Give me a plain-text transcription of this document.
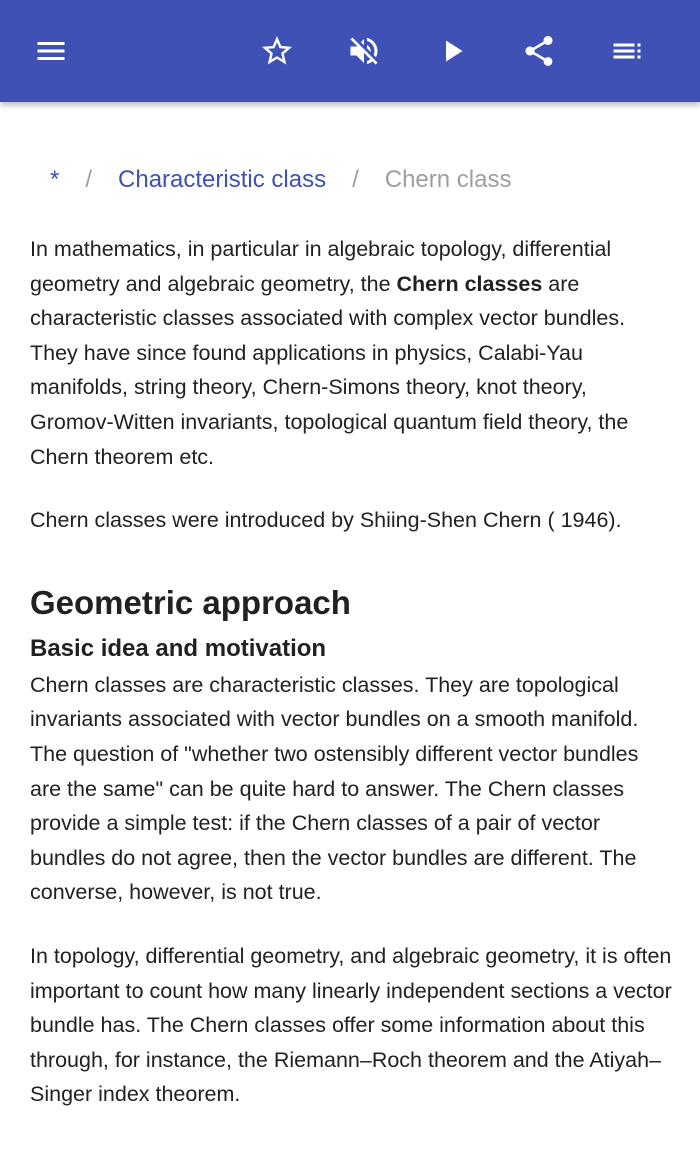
* / Characteristic class / Chern class

In mathematics, in particular in algebraic topology, differential geometry and algebraic geometry, the Chern classes are characteristic classes associated with complex vector bundles. They have since found applications in physics, Calabi-Yau manifolds, string theory, Chern-Simons theory, knot theory, Gromov-Witten invariants, topological quantum field theory, the Chern theorem etc.

Chern classes were introduced by Shiing-Shen Chern ( 1946).

Geometric approach
Basic idea and motivation

Chern classes are characteristic classes. They are topological invariants associated with vector bundles on a smooth manifold. The question of "whether two ostensibly different vector bundles are the same" can be quite hard to answer. The Chern classes provide a simple test: if the Chern classes of a pair of vector bundles do not agree, then the vector bundles are different. The converse, however, is not true.

In topology, differential geometry, and algebraic geometry, it is often important to count how many linearly independent sections a vector bundle has. The Chern classes offer some information about this through, for instance, the Riemann–Roch theorem and the Atiyah–Singer index theorem.
